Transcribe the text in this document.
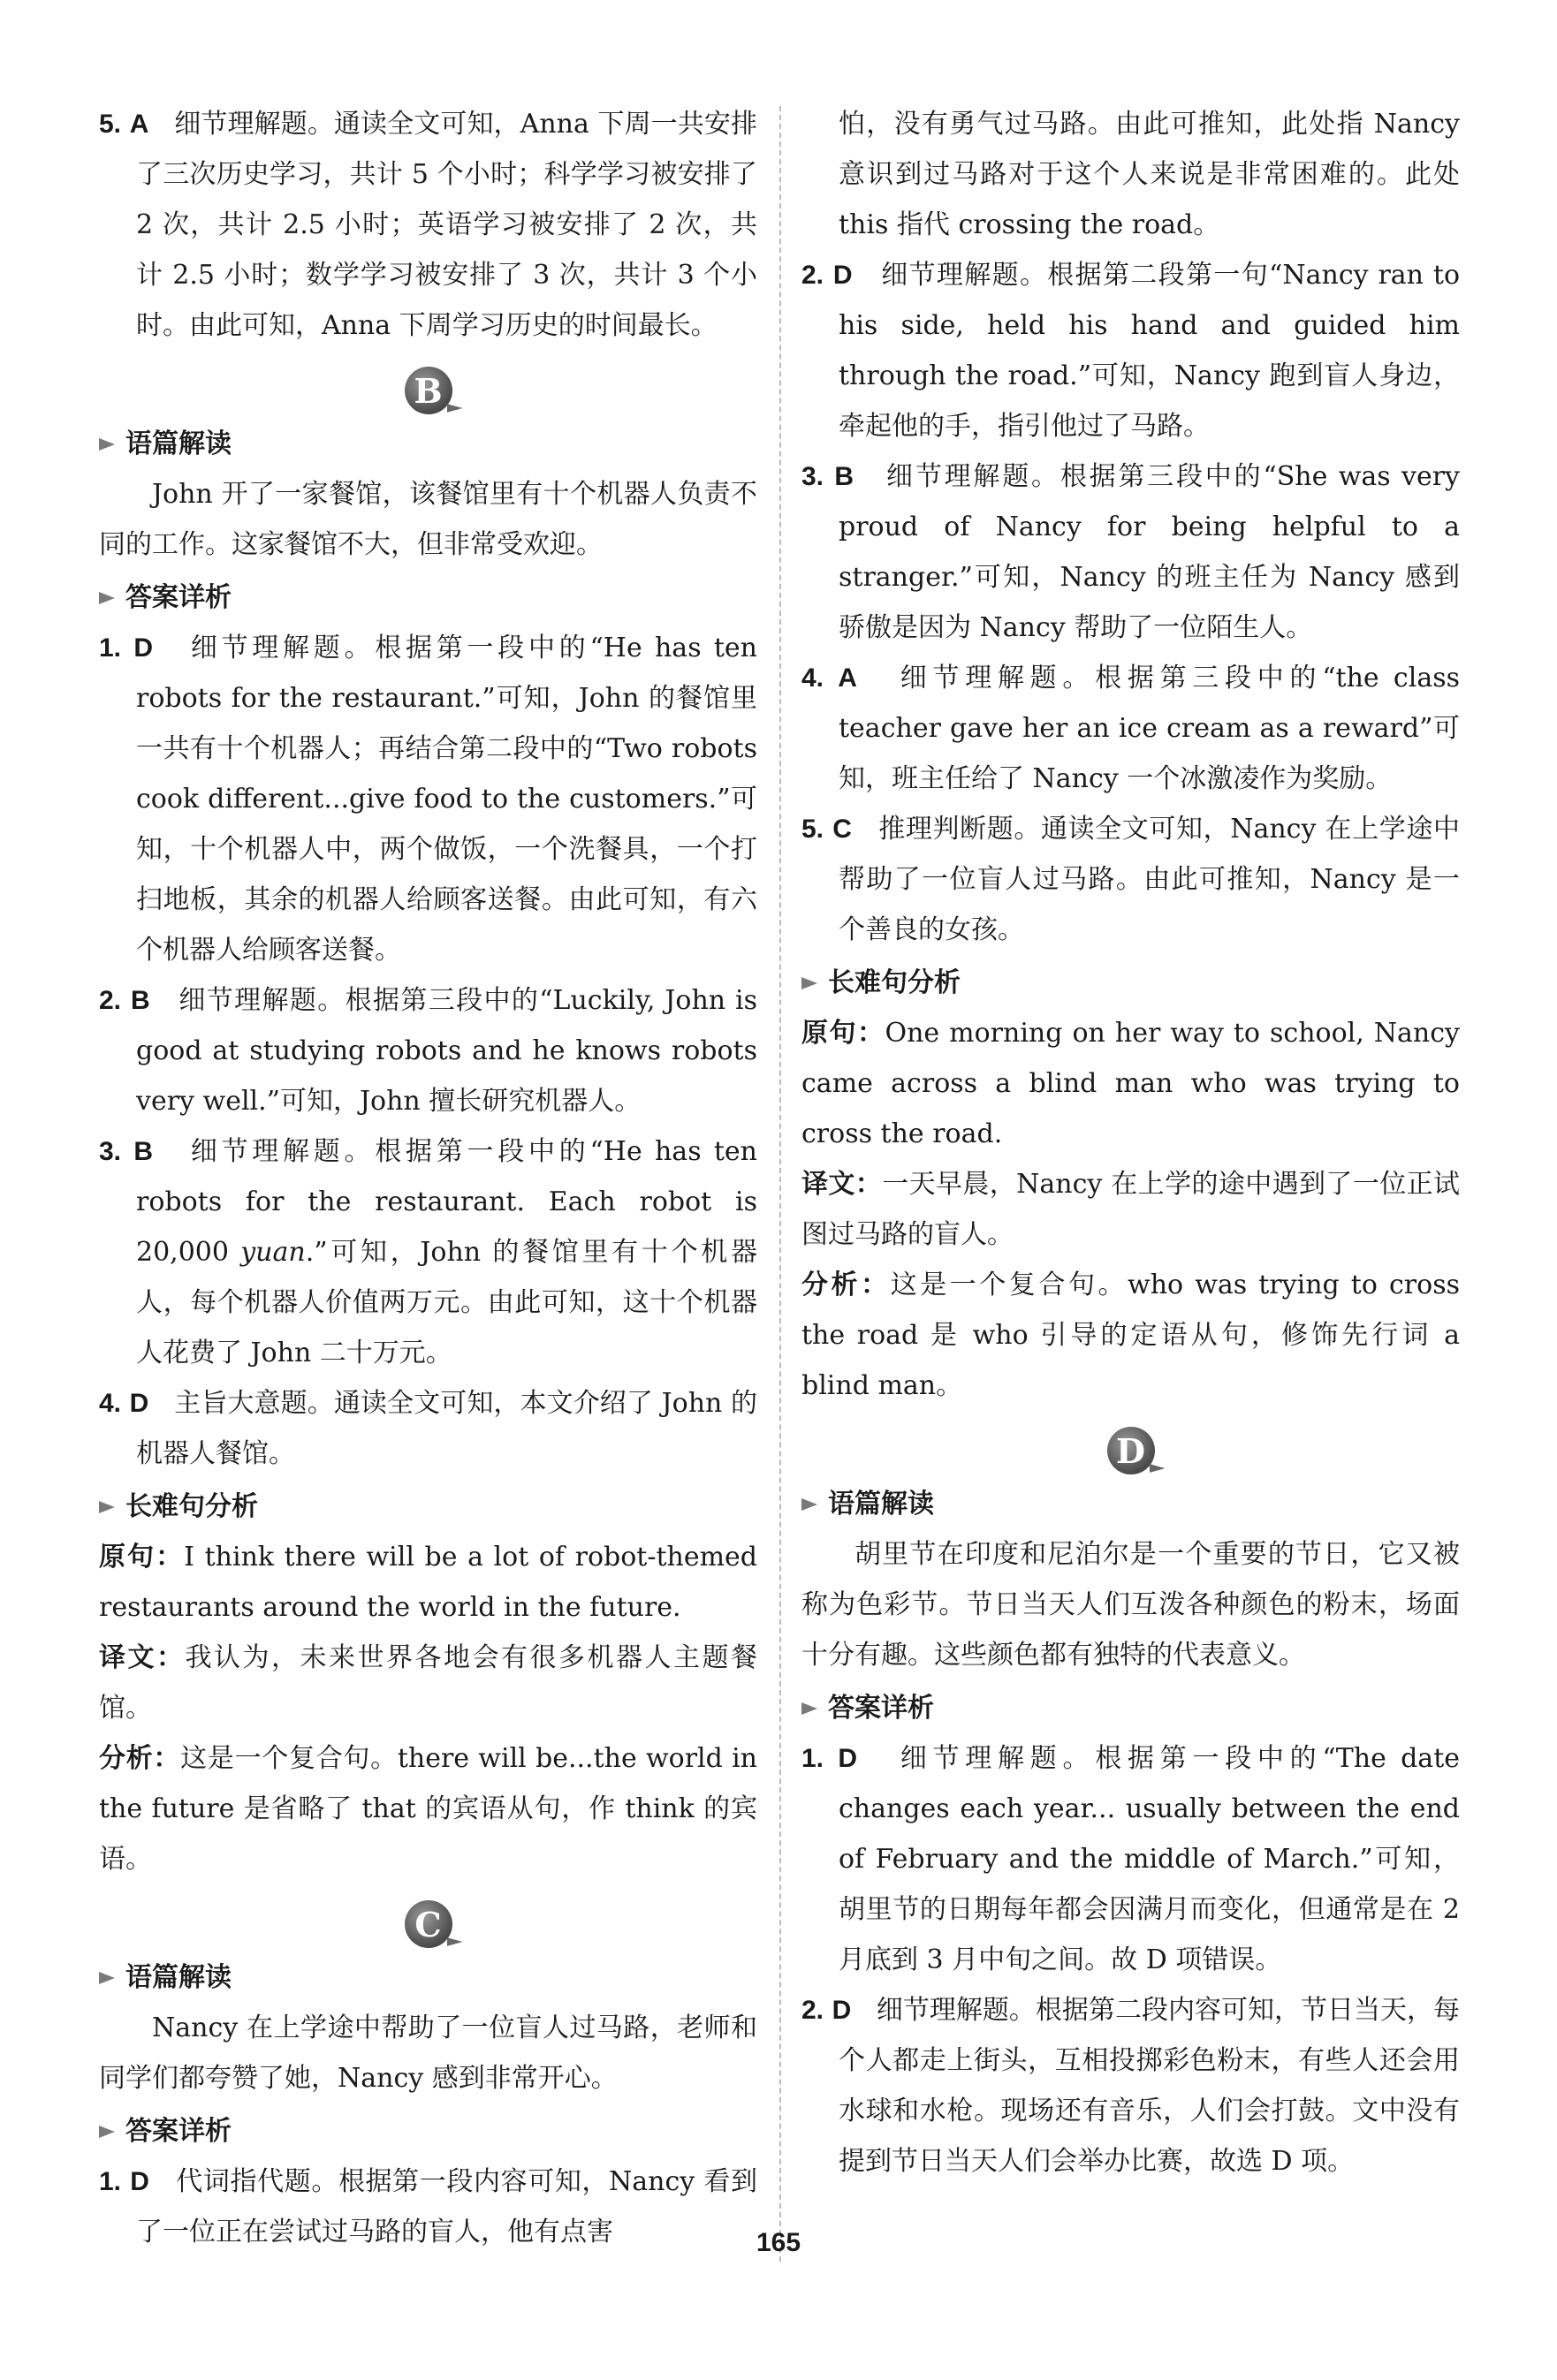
5. A 细节理解题。通读全文可知，Anna 下周一共安排了三次历史学习，共计 5 个小时；科学学习被安排了 2 次，共计 2.5 小时；英语学习被安排了 2 次，共计 2.5 小时；数学学习被安排了 3 次，共计 3 个小时。由此可知，Anna 下周学习历史的时间最长。

B
语篇解读

John 开了一家餐馆，该餐馆里有十个机器人负责不同的工作。这家餐馆不大，但非常受欢迎。

答案详析

1. D 细节理解题。根据第一段中的“He has ten robots for the restaurant.”可知，John 的餐馆里一共有十个机器人；再结合第二段中的“Two robots cook different...give food to the customers.”可知，十个机器人中，两个做饭，一个洗餐具，一个打扫地板，其余的机器人给顾客送餐。由此可知，有六个机器人给顾客送餐。

2. B 细节理解题。根据第三段中的“Luckily, John is good at studying robots and he knows robots very well.”可知，John 擅长研究机器人。

3. B 细节理解题。根据第一段中的“He has ten robots for the restaurant. Each robot is 20,000 yuan.”可知，John 的餐馆里有十个机器人，每个机器人价值两万元。由此可知，这十个机器人花费了 John 二十万元。

4. D 主旨大意题。通读全文可知，本文介绍了 John 的机器人餐馆。

长难句分析

原句：I think there will be a lot of robot-themed restaurants around the world in the future.

译文：我认为，未来世界各地会有很多机器人主题餐馆。

分析：这是一个复合句。there will be...the world in the future 是省略了 that 的宾语从句，作 think 的宾语。

C
语篇解读

Nancy 在上学途中帮助了一位盲人过马路，老师和同学们都夸赞了她，Nancy 感到非常开心。

答案详析

1. D 代词指代题。根据第一段内容可知，Nancy 看到了一位正在尝试过马路的盲人，他有点害

怕，没有勇气过马路。由此可推知，此处指 Nancy 意识到过马路对于这个人来说是非常困难的。此处 this 指代 crossing the road。

2. D 细节理解题。根据第二段第一句“Nancy ran to his side, held his hand and guided him through the road.”可知，Nancy 跑到盲人身边，牵起他的手，指引他过了马路。

3. B 细节理解题。根据第三段中的“She was very proud of Nancy for being helpful to a stranger.”可知，Nancy 的班主任为 Nancy 感到骄傲是因为 Nancy 帮助了一位陌生人。

4. A 细节理解题。根据第三段中的“the class teacher gave her an ice cream as a reward”可知，班主任给了 Nancy 一个冰激凌作为奖励。

5. C 推理判断题。通读全文可知，Nancy 在上学途中帮助了一位盲人过马路。由此可推知，Nancy 是一个善良的女孩。

长难句分析

原句：One morning on her way to school, Nancy came across a blind man who was trying to cross the road.

译文：一天早晨，Nancy 在上学的途中遇到了一位正试图过马路的盲人。

分析：这是一个复合句。who was trying to cross the road 是 who 引导的定语从句，修饰先行词 a blind man。

D
语篇解读

胡里节在印度和尼泊尔是一个重要的节日，它又被称为色彩节。节日当天人们互泼各种颜色的粉末，场面十分有趣。这些颜色都有独特的代表意义。

答案详析

1. D 细节理解题。根据第一段中的“The date changes each year... usually between the end of February and the middle of March.”可知，胡里节的日期每年都会因满月而变化，但通常是在 2 月底到 3 月中旬之间。故 D 项错误。

2. D 细节理解题。根据第二段内容可知，节日当天，每个人都走上街头，互相投掷彩色粉末，有些人还会用水球和水枪。现场还有音乐，人们会打鼓。文中没有提到节日当天人们会举办比赛，故选 D 项。

165
